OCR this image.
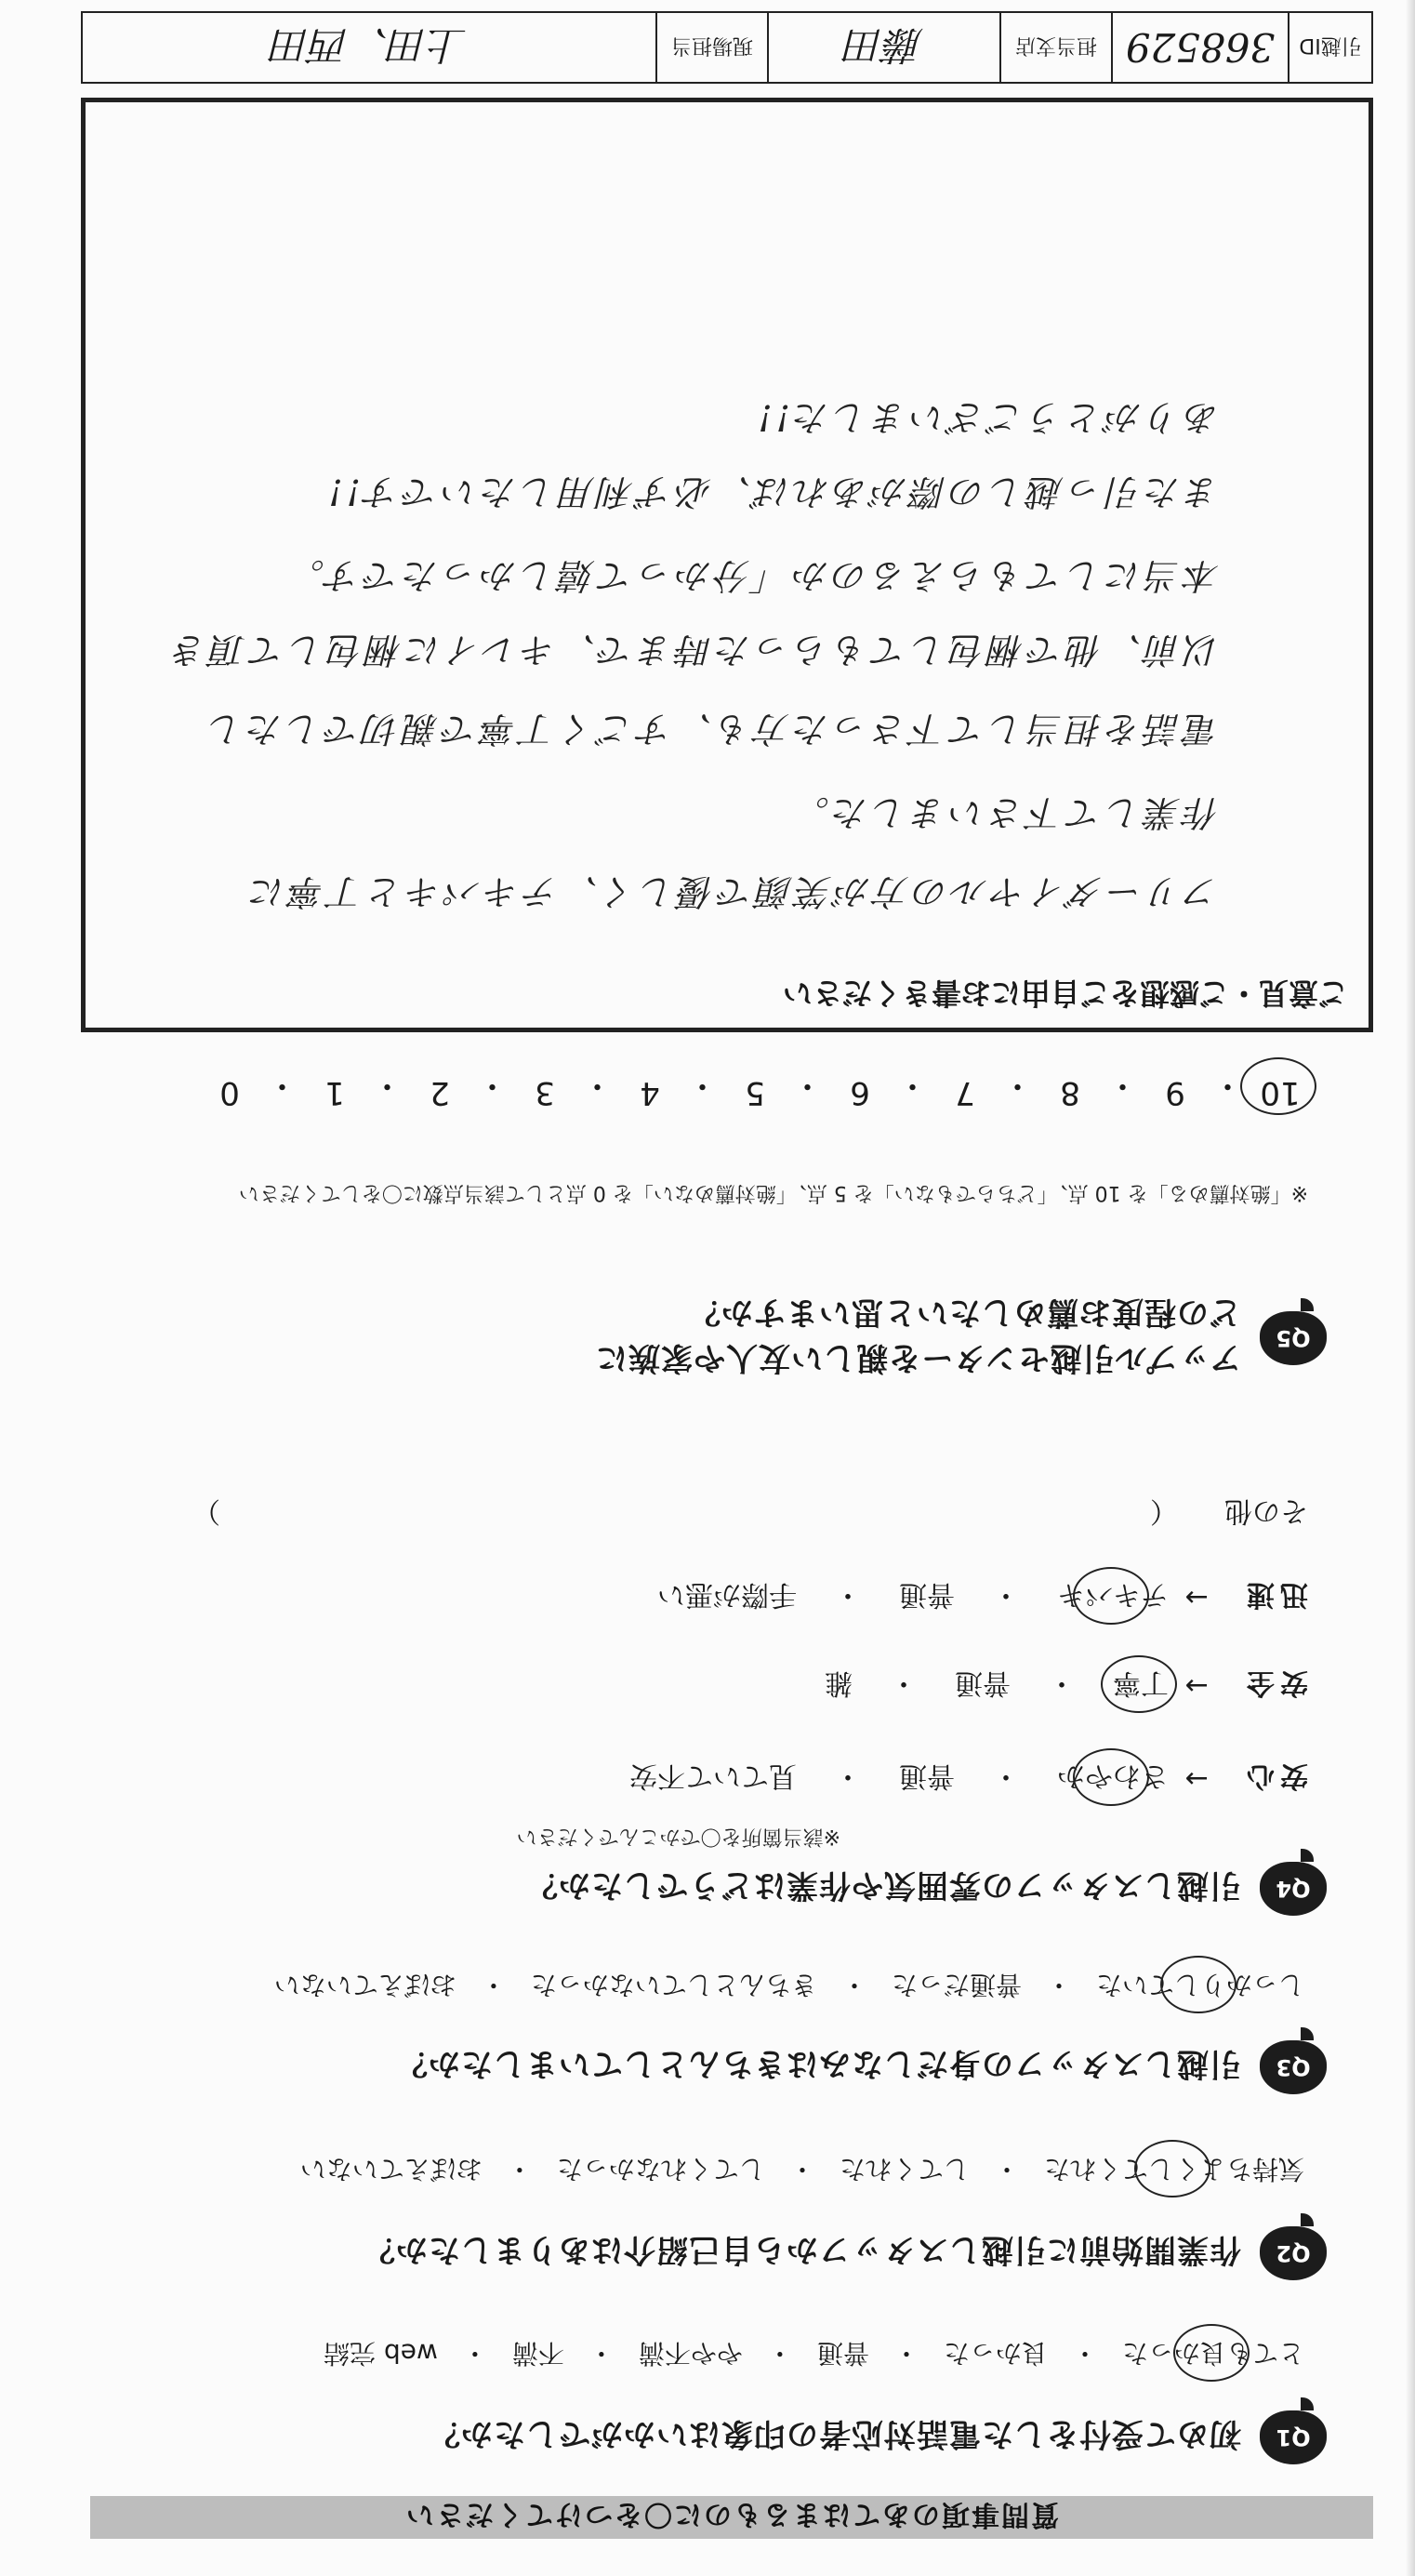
質問事項のあてはまるものに〇をつけてください
Q1
初めて受付をした電話対応者の印象はいかがでしたか？
とても良かった
・
良かった
・
普通
・
やや不満
・
不満
・
web 完結
Q2
作業開始前に引越しスタッフから自己紹介はありましたか？
気持ちよくしてくれた
・
してくれた
・
してくれなかった
・
おぼえていない
Q3
引越しスタッフの身だしなみはきちんとしていましたか？
しっかりしていた
・
普通だった
・
きちんとしていなかった
・
おぼえていない
Q4
引越しスタッフの雰囲気や作業はどうでしたか？
※該当箇所を〇でかこんでください
安心
→
さわやか
・
普通
・
見ていて不安
安全
→
丁寧
・
普通
・
雑
迅速
→
テキパキ
・
普通
・
手際が悪い
その他
（
）
Q5
アップル引越センターを親しい友人や家族に
どの程度お薦めしたいと思いますか？
※「絶対薦める」を 10 点、「どちらでもない」を 5 点、「絶対薦めない」を 0 点として該当点数に〇をしてください
10
・
9
・
8
・
7
・
6
・
5
・
4
・
3
・
2
・
1
・
0
ご意見・ご感想をご自由にお書きください
フリーダイヤルの方が笑顔で優しく、テキパキと丁寧に
作業して下さいました。
電話を担当して下さった方も、すごく丁寧で親切でしたし
以前、他で梱包してもらった時まで、キレイに梱包して頂き
本当にしてもらえるのか「分かって嬉しかったです。
また引っ越しの際があれば、必ず利用したいです!!
ありがとうございました!!
引越ID
368529
担当支店
藤田
現場担当
上田、西田
